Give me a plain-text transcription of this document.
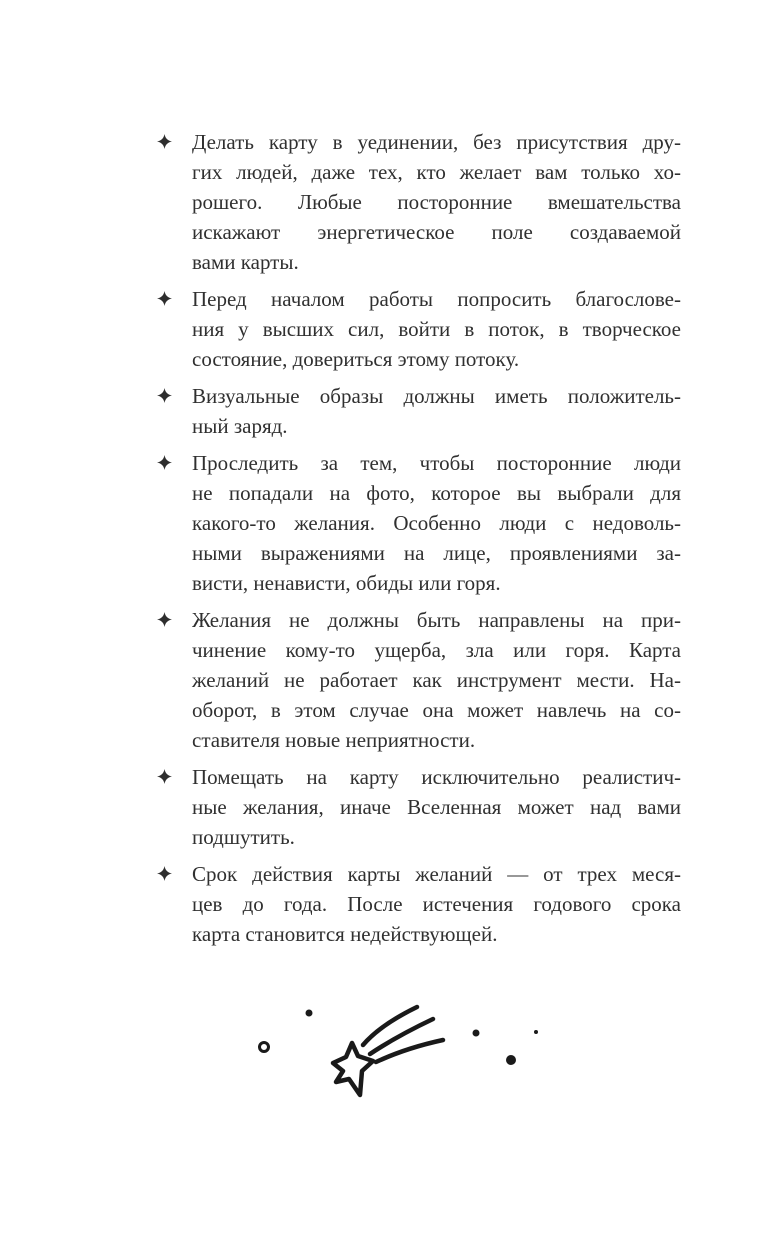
Делать карту в уединении, без присутствия дру-
гих людей, даже тех, кто желает вам только хо-
рошего. Любые посторонние вмешательства
искажают энергетическое поле создаваемой
вами карты.
Перед началом работы попросить благослове-
ния у высших сил, войти в поток, в творческое
состояние, довериться этому потоку.
Визуальные образы должны иметь положитель-
ный заряд.
Проследить за тем, чтобы посторонние люди
не попадали на фото, которое вы выбрали для
какого-то желания. Особенно люди с недоволь-
ными выражениями на лице, проявлениями за-
висти, ненависти, обиды или горя.
Желания не должны быть направлены на при-
чинение кому-то ущерба, зла или горя. Карта
желаний не работает как инструмент мести. На-
оборот, в этом случае она может навлечь на со-
ставителя новые неприятности.
Помещать на карту исключительно реалистич-
ные желания, иначе Вселенная может над вами
подшутить.
Срок действия карты желаний — от трех меся-
цев до года. После истечения годового срока
карта становится недействующей.
